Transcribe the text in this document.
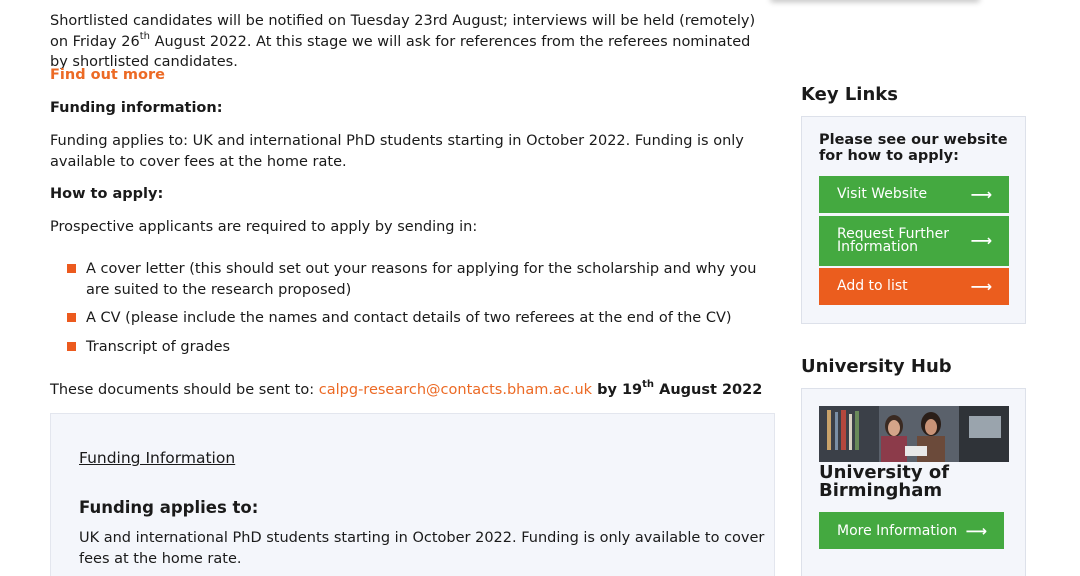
Shortlisted candidates will be notified on Tuesday 23rd August; interviews will be held (remotely) on Friday 26th August 2022. At this stage we will ask for references from the referees nominated by shortlisted candidates.

Find out more

Funding information:

Funding applies to: UK and international PhD students starting in October 2022. Funding is only available to cover fees at the home rate.

How to apply:

Prospective applicants are required to apply by sending in:

A cover letter (this should set out your reasons for applying for the scholarship and why you are suited to the research proposed)
A CV (please include the names and contact details of two referees at the end of the CV)
Transcript of grades

These documents should be sent to: calpg-research@contacts.bham.ac.uk by 19th August 2022

Funding Information

Funding applies to:

UK and international PhD students starting in October 2022. Funding is only available to cover fees at the home rate.

Key Links

Please see our website for how to apply:

Visit Website	⟶
Request Further Information	⟶
Add to list	⟶
University Hub

University of Birmingham

More Information ⟶
